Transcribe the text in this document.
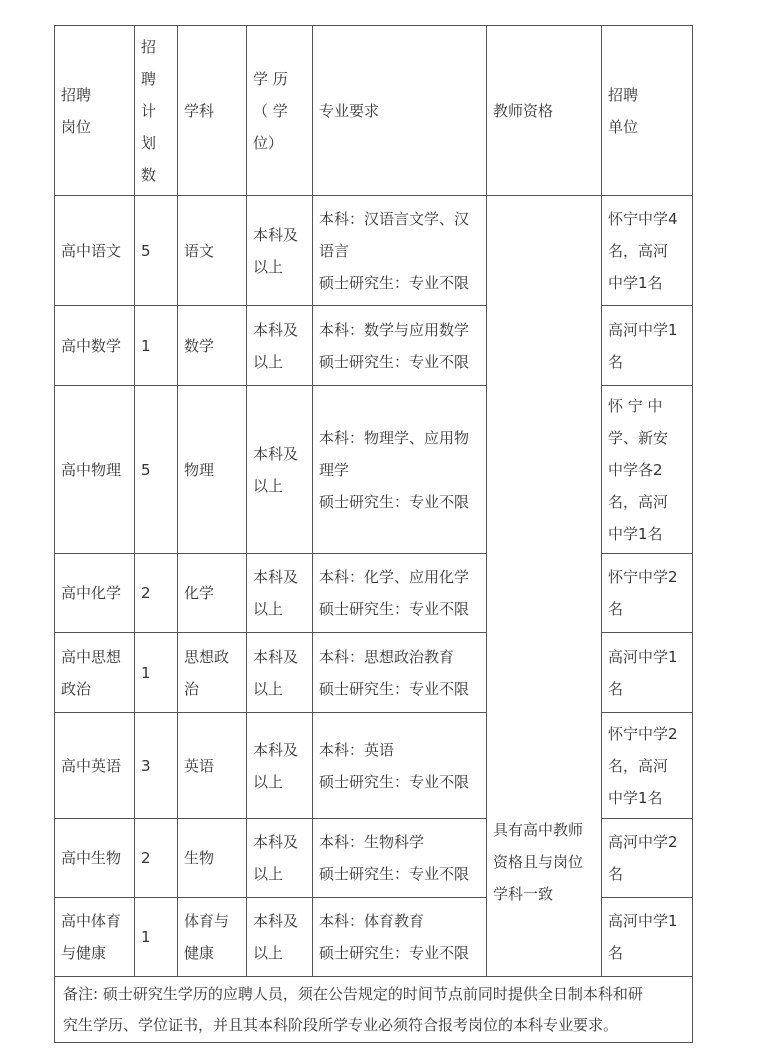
招聘
岗位
招
聘
计
划
数
学科
学 历
（ 学
位）
专业要求	教师资格
招聘
单位
高中语文 5 语文
本科及
以上
本科：汉语言文学、汉
语言
硕士研究生：专业不限
怀宁中学4
名，高河
中学1名
高中数学 1 数学
本科及
以上
本科：数学与应用数学
硕士研究生：专业不限
高河中学1
名
高中物理 5 物理
本科及
以上
本科：物理学、应用物
理学
硕士研究生：专业不限
怀 宁 中
学、新安
中学各2
名，高河
中学1名
高中化学 2 化学
本科及
以上
本科：化学、应用化学
硕士研究生：专业不限
怀宁中学2
名
高中思想
政治
1
思想政
治
本科及
以上
本科：思想政治教育
硕士研究生：专业不限
高河中学1
名
高中英语 3 英语
本科及
以上
本科：英语
硕士研究生：专业不限
怀宁中学2
名，高河
中学1名
高中生物 2 生物
本科及
以上
本科：生物科学
硕士研究生：专业不限
高河中学2
名
高中体育
与健康
1
体育与
健康
本科及
以上
本科：体育教育
硕士研究生：专业不限
高河中学1
名
具有高中教师
资格且与岗位
学科一致
备注: 硕士研究生学历的应聘人员，须在公告规定的时间节点前同时提供全日制本科和研
究生学历、学位证书，并且其本科阶段所学专业必须符合报考岗位的本科专业要求。
